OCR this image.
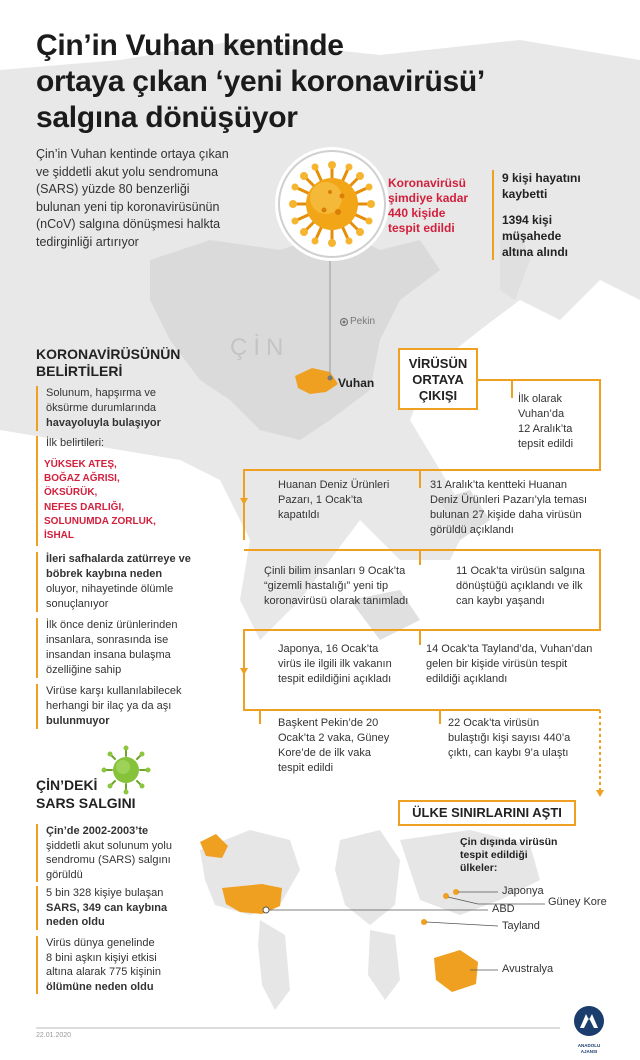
Çin’in Vuhan kentinde
ortaya çıkan ‘yeni koronavirüsü’
salgına dönüşüyor
Çin’in Vuhan kentinde ortaya çıkan
ve şiddetli akut yolu sendromuna
(SARS) yüzde 80 benzerliği
bulunan yeni tip koronavirüsünün
(nCoV) salgına dönüşmesi halkta
tedirginliği artırıyor
Koronavirüsü
şimdiye kadar
440 kişide
tespit edildi
9 kişi hayatını
kaybetti
1394 kişi
müşahede
altına alındı
ÇİN
Pekin
Vuhan
KORONAVİRÜSÜNÜN
BELİRTİLERİ
Solunum, hapşırma ve
öksürme durumlarında
havayoluyla bulaşıyor
İlk belirtileri:
YÜKSEK ATEŞ,
BOĞAZ AĞRISI,
ÖKSÜRÜK,
NEFES DARLIĞI,
SOLUNUMDA ZORLUK,
İSHAL
İleri safhalarda zatürreye ve
böbrek kaybına neden
oluyor, nihayetinde ölümle
sonuçlanıyor
İlk önce deniz ürünlerinden
insanlara, sonrasında ise
insandan insana bulaşma
özelliğine sahip
Virüse karşı kullanılabilecek
herhangi bir ilaç ya da aşı
bulunmuyor
VİRÜSÜN
ORTAYA
ÇIKIŞI	İlk olarak
Vuhan’da
12 Aralık’ta
tepsit edildi
Huanan Deniz Ürünleri
Pazarı, 1 Ocak’ta
kapatıldı
31 Aralık’ta kentteki Huanan
Deniz Ürünleri Pazarı’yla teması
bulunan 27 kişide daha virüsün
görüldü açıklandı
Çinli bilim insanları 9 Ocak’ta
“gizemli hastalığı” yeni tip
koronavirüsü olarak tanımladı
11 Ocak’ta virüsün salgına
dönüştüğü açıklandı ve ilk
can kaybı yaşandı
Japonya, 16 Ocak’ta
virüs ile ilgili ilk vakanın
tespit edildiğini açıkladı
14 Ocak’ta Tayland’da, Vuhan’dan
gelen bir kişide virüsün tespit
edildiği açıklandı
Başkent Pekin’de 20
Ocak’ta 2 vaka, Güney
Kore’de de ilk vaka
tespit edildi
22 Ocak’ta virüsün
bulaştığı kişi sayısı 440’a
çıktı, can kaybı 9’a ulaştı
ÇİN’DEKİ
SARS SALGINI
Çin’de 2002-2003’te
şiddetli akut solunum yolu
sendromu (SARS) salgını
görüldü
5 bin 328 kişiye bulaşan
SARS, 349 can kaybına
neden oldu
Virüs dünya genelinde
8 bini aşkın kişiyi etkisi
altına alarak 775 kişinin
ölümüne neden oldu
ÜLKE SINIRLARINI AŞTI
Çin dışında virüsün
tespit edildiği
ülkeler:
Japonya
Güney Kore
ABD
Tayland
Avustralya
22.01.2020
ANADOLU AJANSI
